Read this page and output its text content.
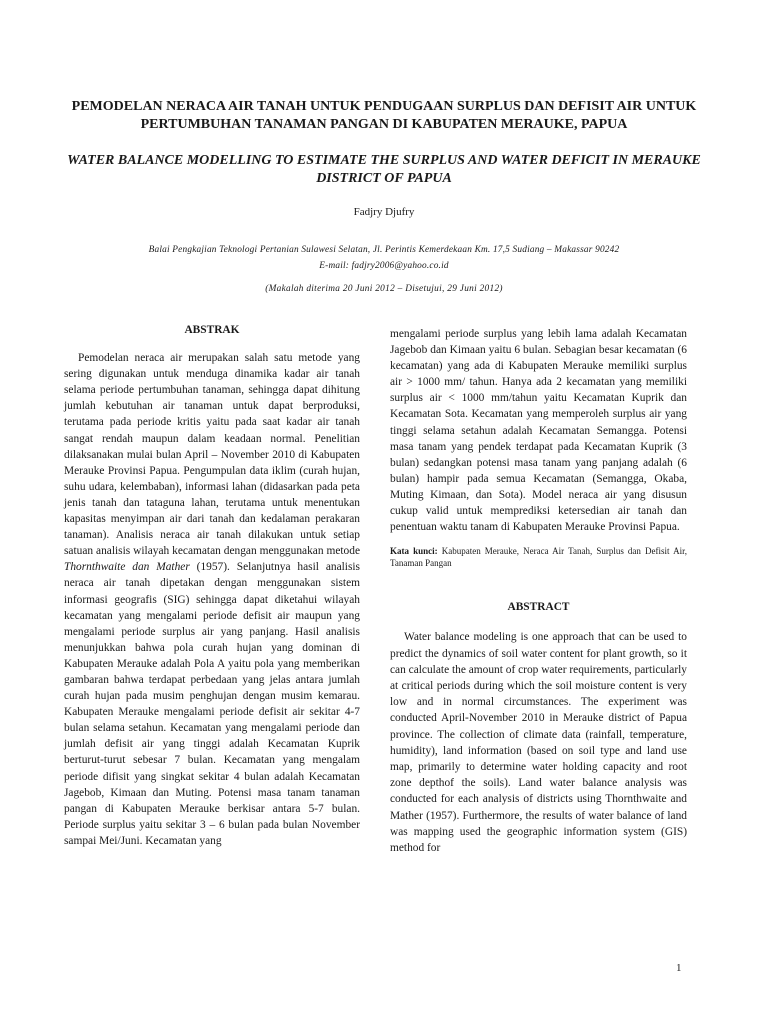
PEMODELAN NERACA AIR TANAH UNTUK PENDUGAAN SURPLUS DAN DEFISIT AIR UNTUK PERTUMBUHAN TANAMAN PANGAN DI KABUPATEN MERAUKE, PAPUA
WATER BALANCE MODELLING TO ESTIMATE THE SURPLUS AND WATER DEFICIT IN MERAUKE DISTRICT OF PAPUA
Fadjry Djufry
Balai Pengkajian Teknologi Pertanian Sulawesi Selatan, Jl. Perintis Kemerdekaan Km. 17,5 Sudiang – Makassar 90242
E-mail: fadjry2006@yahoo.co.id
(Makalah diterima 20 Juni 2012 – Disetujui, 29 Juni 2012)

ABSTRAK

Pemodelan neraca air merupakan salah satu metode yang sering digunakan untuk menduga dinamika kadar air tanah selama periode pertumbuhan tanaman, sehingga dapat dihitung jumlah kebutuhan air tanaman untuk dapat berproduksi, terutama pada periode kritis yaitu pada saat kadar air tanah sangat rendah maupun dalam keadaan normal. Penelitian dilaksanakan mulai bulan April – November 2010 di Kabupaten Merauke Provinsi Papua. Pengumpulan data iklim (curah hujan, suhu udara, kelembaban), informasi lahan (didasarkan pada peta jenis tanah dan tataguna lahan, terutama untuk menentukan kapasitas menyimpan air dari tanah dan kedalaman perakaran tanaman). Analisis neraca air tanah dilakukan untuk setiap satuan analisis wilayah kecamatan dengan menggunakan metode Thornthwaite dan Mather (1957). Selanjutnya hasil analisis neraca air tanah dipetakan dengan menggunakan sistem informasi geografis (SIG) sehingga dapat diketahui wilayah kecamatan yang mengalami periode defisit air maupun yang mengalami periode surplus air yang panjang. Hasil analisis menunjukkan bahwa pola curah hujan yang dominan di Kabupaten Merauke adalah Pola A yaitu pola yang memberikan gambaran bahwa terdapat perbedaan yang jelas antara jumlah curah hujan pada musim penghujan dengan musim kemarau. Kabupaten Merauke mengalami periode defisit air sekitar 4-7 bulan selama setahun. Kecamatan yang mengalami periode dan jumlah defisit air yang tinggi adalah Kecamatan Kuprik berturut-turut sebesar 7 bulan. Kecamatan yang mengalam periode difisit yang singkat sekitar 4 bulan adalah Kecamatan Jagebob, Kimaan dan Muting. Potensi masa tanam tanaman pangan di Kabupaten Merauke berkisar antara 5-7 bulan. Periode surplus yaitu sekitar 3 – 6 bulan pada bulan November sampai Mei/Juni. Kecamatan yang

mengalami periode surplus yang lebih lama adalah Kecamatan Jagebob dan Kimaan yaitu 6 bulan. Sebagian besar kecamatan (6 kecamatan) yang ada di Kabupaten Merauke memiliki surplus air > 1000 mm/ tahun. Hanya ada 2 kecamatan yang memiliki surplus air < 1000 mm/tahun yaitu Kecamatan Kuprik dan Kecamatan Sota. Kecamatan yang memperoleh surplus air yang tinggi selama setahun adalah Kecamatan Semangga. Potensi masa tanam yang pendek terdapat pada Kecamatan Kuprik (3 bulan) sedangkan potensi masa tanam yang panjang adalah (6 bulan) hampir pada semua Kecamatan (Semangga, Okaba, Muting Kimaan, dan Sota). Model neraca air yang disusun cukup valid untuk memprediksi ketersedian air tanah dan penentuan waktu tanam di Kabupaten Merauke Provinsi Papua.

Kata kunci: Kabupaten Merauke, Neraca Air Tanah, Surplus dan Defisit Air, Tanaman Pangan

ABSTRACT

Water balance modeling is one approach that can be used to predict the dynamics of soil water content for plant growth, so it can calculate the amount of crop water requirements, particularly at critical periods during which the soil moisture content is very low and in normal circumstances. The experiment was conducted April-November 2010 in Merauke district of Papua province. The collection of climate data (rainfall, temperature, humidity), land information (based on soil type and land use map, primarily to determine water holding capacity and root zone depthof the soils). Land water balance analysis was conducted for each analysis of districts using Thornthwaite and Mather (1957). Furthermore, the results of water balance of land was mapping used the geographic information system (GIS) method for

1
